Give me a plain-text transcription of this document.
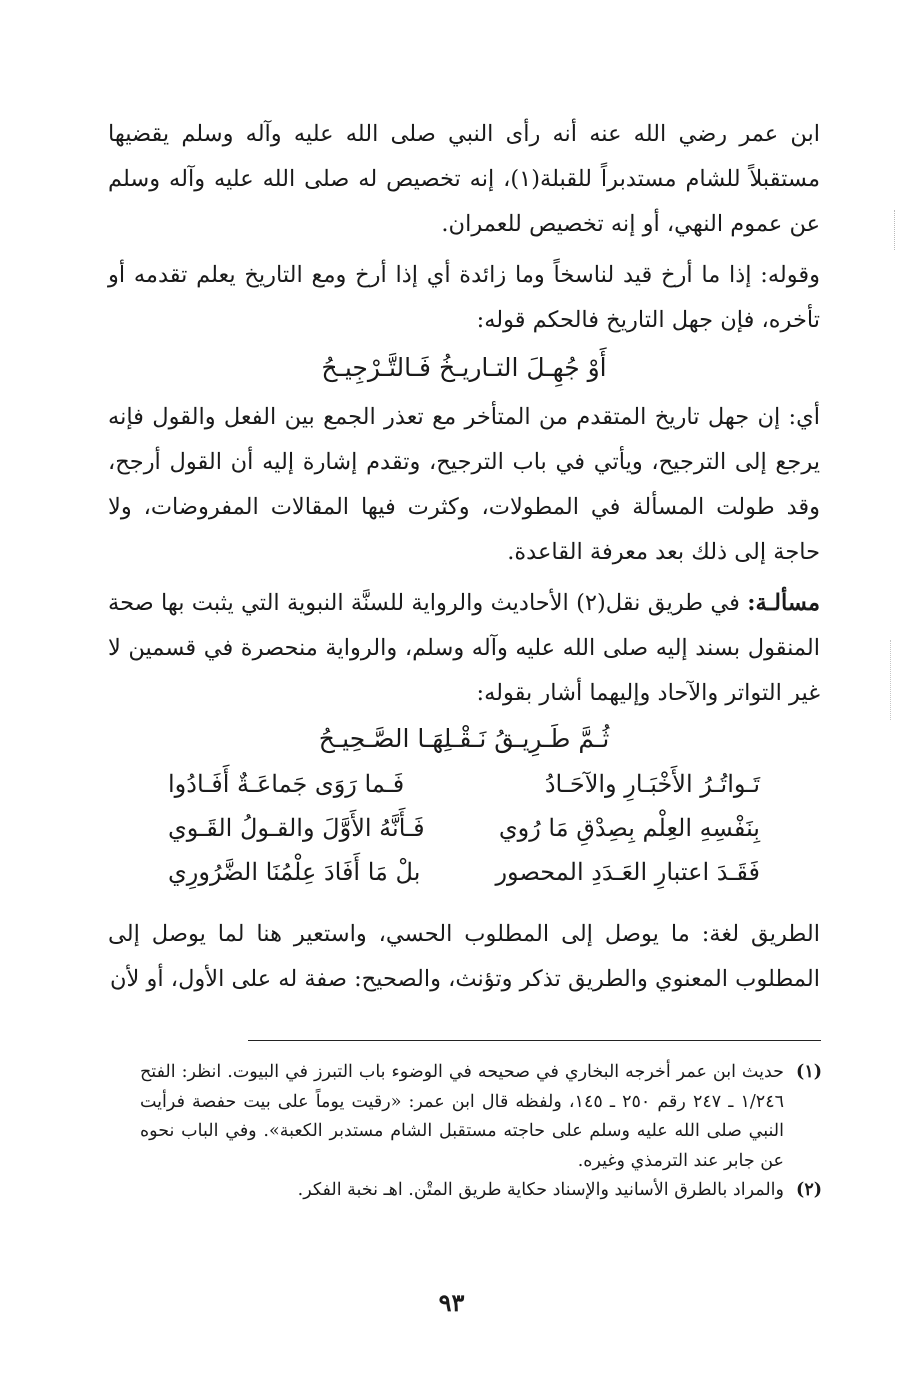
ابن عمر رضي الله عنه أنه رأى النبي صلى الله عليه وآله وسلم يقضيها مستقبلاً للشام مستدبراً للقبلة(١)، إنه تخصيص له صلى الله عليه وآله وسلم عن عموم النهي، أو إنه تخصيص للعمران.

وقوله: إذا ما أرخ قيد لناسخاً وما زائدة أي إذا أرخ ومع التاريخ يعلم تقدمه أو تأخره، فإن جهل التاريخ فالحكم قوله:

أَوْ جُهِـلَ التـاريـخُ فَـالتَّـرْجِيـحُ

أي: إن جهل تاريخ المتقدم من المتأخر مع تعذر الجمع بين الفعل والقول فإنه يرجع إلى الترجيح، ويأتي في باب الترجيح، وتقدم إشارة إليه أن القول أرجح، وقد طولت المسألة في المطولات، وكثرت فيها المقالات المفروضات، ولا حاجة إلى ذلك بعد معرفة القاعدة.

مسألـة: في طريق نقل(٢) الأحاديث والرواية للسنَّة النبوية التي يثبت بها صحة المنقول بسند إليه صلى الله عليه وآله وسلم، والرواية منحصرة في قسمين لا غير التواتر والآحاد وإليهما أشار بقوله:

ثُـمَّ طَـرِيـقُ نَـقْـلِهَـا الصَّـحِيـحُ

تَـواتُـرُ الأَخْبَـارِ والآحَـادُ
فَـما رَوَى جَماعَـةٌ أَفَـادُوا
بِنَفْسِهِ العِلْم بِصِدْقِ مَا رُوي
فَـأَنَّهُ الأَوَّلَ والقـولُ القَـوي
فَقَـدَ اعتبارِ العَـدَدِ المحصور
بلْ مَا أَفَادَ عِلْمُنَا الضَّرُورِي

الطريق لغة: ما يوصل إلى المطلوب الحسي، واستعير هنا لما يوصل إلى المطلوب المعنوي والطريق تذكر وتؤنث، والصحيح: صفة له على الأول، أو لأن

(١)
حديث ابن عمر أخرجه البخاري في صحيحه في الوضوء باب التبرز في البيوت. انظر: الفتح ١/٢٤٦ ـ ٢٤٧ رقم ٢٥٠ ـ ١٤٥، ولفظه قال ابن عمر: «رقيت يوماً على بيت حفصة فرأيت النبي صلى الله عليه وسلم على حاجته مستقبل الشام مستدبر الكعبة». وفي الباب نحوه عن جابر عند الترمذي وغيره.
(٢)
والمراد بالطرق الأسانيد والإسناد حكاية طريق المتْن. اهـ نخبة الفكر.
٩٣
